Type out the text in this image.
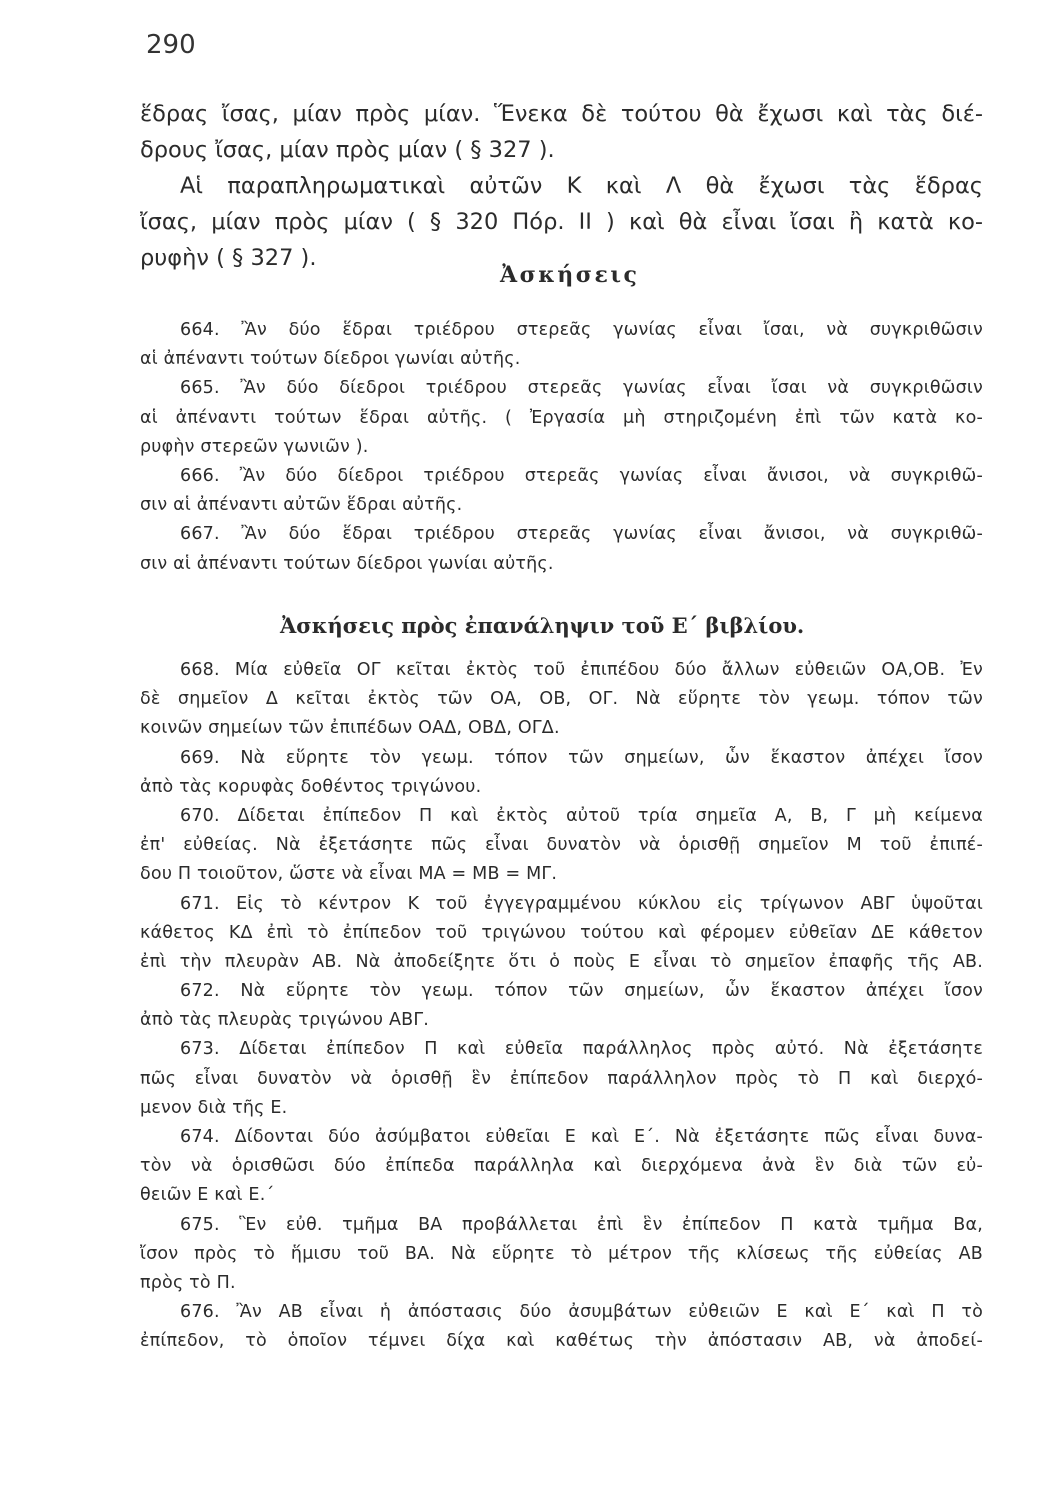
290
ἕδρας ἴσας, μίαν πρὸς μίαν. Ἕνεκα δὲ τούτου θὰ ἔχωσι καὶ τὰς διέ-
δρους ἴσας, μίαν πρὸς μίαν ( § 327 ).
Αἱ παραπληρωματικαὶ αὐτῶν Κ καὶ Λ θὰ ἔχωσι τὰς ἕδρας
ἴσας, μίαν πρὸς μίαν ( § 320 Πόρ. ΙΙ ) καὶ θὰ εἶναι ἴσαι ἢ κατὰ κο-
ρυφὴν ( § 327 ).
Ἀσκήσεις
664. Ἂν δύο ἕδραι τριέδρου στερεᾶς γωνίας εἶναι ἴσαι, νὰ συγκριθῶσιν
αἱ ἀπέναντι τούτων δίεδροι γωνίαι αὐτῆς.
665. Ἂν δύο δίεδροι τριέδρου στερεᾶς γωνίας εἶναι ἴσαι νὰ συγκριθῶσιν
αἱ ἀπέναντι τούτων ἕδραι αὐτῆς. ( Ἐργασία μὴ στηριζομένη ἐπὶ τῶν κατὰ κο-
ρυφὴν στερεῶν γωνιῶν ).
666. Ἂν δύο δίεδροι τριέδρου στερεᾶς γωνίας εἶναι ἄνισοι, νὰ συγκριθῶ-
σιν αἱ ἀπέναντι αὐτῶν ἕδραι αὐτῆς.
667. Ἂν δύο ἕδραι τριέδρου στερεᾶς γωνίας εἶναι ἄνισοι, νὰ συγκριθῶ-
σιν αἱ ἀπέναντι τούτων δίεδροι γωνίαι αὐτῆς.
Ἀσκήσεις πρὸς ἐπανάληψιν τοῦ Ε΄ βιβλίου.
668. Μία εὐθεῖα ΟΓ κεῖται ἐκτὸς τοῦ ἐπιπέδου δύο ἄλλων εὐθειῶν ΟΑ,ΟΒ. Ἐν
δὲ σημεῖον Δ κεῖται ἐκτὸς τῶν ΟΑ, ΟΒ, ΟΓ. Νὰ εὕρητε τὸν γεωμ. τόπον τῶν
κοινῶν σημείων τῶν ἐπιπέδων ΟΑΔ, ΟΒΔ, ΟΓΔ.
669. Νὰ εὕρητε τὸν γεωμ. τόπον τῶν σημείων, ὧν ἕκαστον ἀπέχει ἴσον
ἀπὸ τὰς κορυφὰς δοθέντος τριγώνου.
670. Δίδεται ἐπίπεδον Π καὶ ἐκτὸς αὐτοῦ τρία σημεῖα Α, Β, Γ μὴ κείμενα
ἐπ' εὐθείας. Νὰ ἐξετάσητε πῶς εἶναι δυνατὸν νὰ ὁρισθῇ σημεῖον Μ τοῦ ἐπιπέ-
δου Π τοιοῦτον, ὥστε νὰ εἶναι ΜΑ = ΜΒ = ΜΓ.
671. Εἰς τὸ κέντρον Κ τοῦ ἐγγεγραμμένου κύκλου εἰς τρίγωνον ΑΒΓ ὑψοῦται
κάθετος ΚΔ ἐπὶ τὸ ἐπίπεδον τοῦ τριγώνου τούτου καὶ φέρομεν εὐθεῖαν ΔΕ κάθετον
ἐπὶ τὴν πλευρὰν ΑΒ. Νὰ ἀποδείξητε ὅτι ὁ ποὺς Ε εἶναι τὸ σημεῖον ἐπαφῆς τῆς ΑΒ.
672. Νὰ εὕρητε τὸν γεωμ. τόπον τῶν σημείων, ὧν ἕκαστον ἀπέχει ἴσον
ἀπὸ τὰς πλευρὰς τριγώνου ΑΒΓ.
673. Δίδεται ἐπίπεδον Π καὶ εὐθεῖα παράλληλος πρὸς αὐτό. Νὰ ἐξετάσητε
πῶς εἶναι δυνατὸν νὰ ὁρισθῇ ἓν ἐπίπεδον παράλληλον πρὸς τὸ Π καὶ διερχό-
μενον διὰ τῆς Ε.
674. Δίδονται δύο ἀσύμβατοι εὐθεῖαι Ε καὶ Ε΄. Νὰ ἐξετάσητε πῶς εἶναι δυνα-
τὸν νὰ ὁρισθῶσι δύο ἐπίπεδα παράλληλα καὶ διερχόμενα ἀνὰ ἓν διὰ τῶν εὐ-
θειῶν Ε καὶ Ε.΄
675. Ἓν εὐθ. τμῆμα ΒΑ προβάλλεται ἐπὶ ἓν ἐπίπεδον Π κατὰ τμῆμα Βα,
ἴσον πρὸς τὸ ἥμισυ τοῦ ΒΑ. Νὰ εὕρητε τὸ μέτρον τῆς κλίσεως τῆς εὐθείας ΑΒ
πρὸς τὸ Π.
676. Ἂν ΑΒ εἶναι ἡ ἀπόστασις δύο ἀσυμβάτων εὐθειῶν Ε καὶ Ε΄ καὶ Π τὸ
ἐπίπεδον, τὸ ὁποῖον τέμνει δίχα καὶ καθέτως τὴν ἀπόστασιν ΑΒ, νὰ ἀποδεί-
